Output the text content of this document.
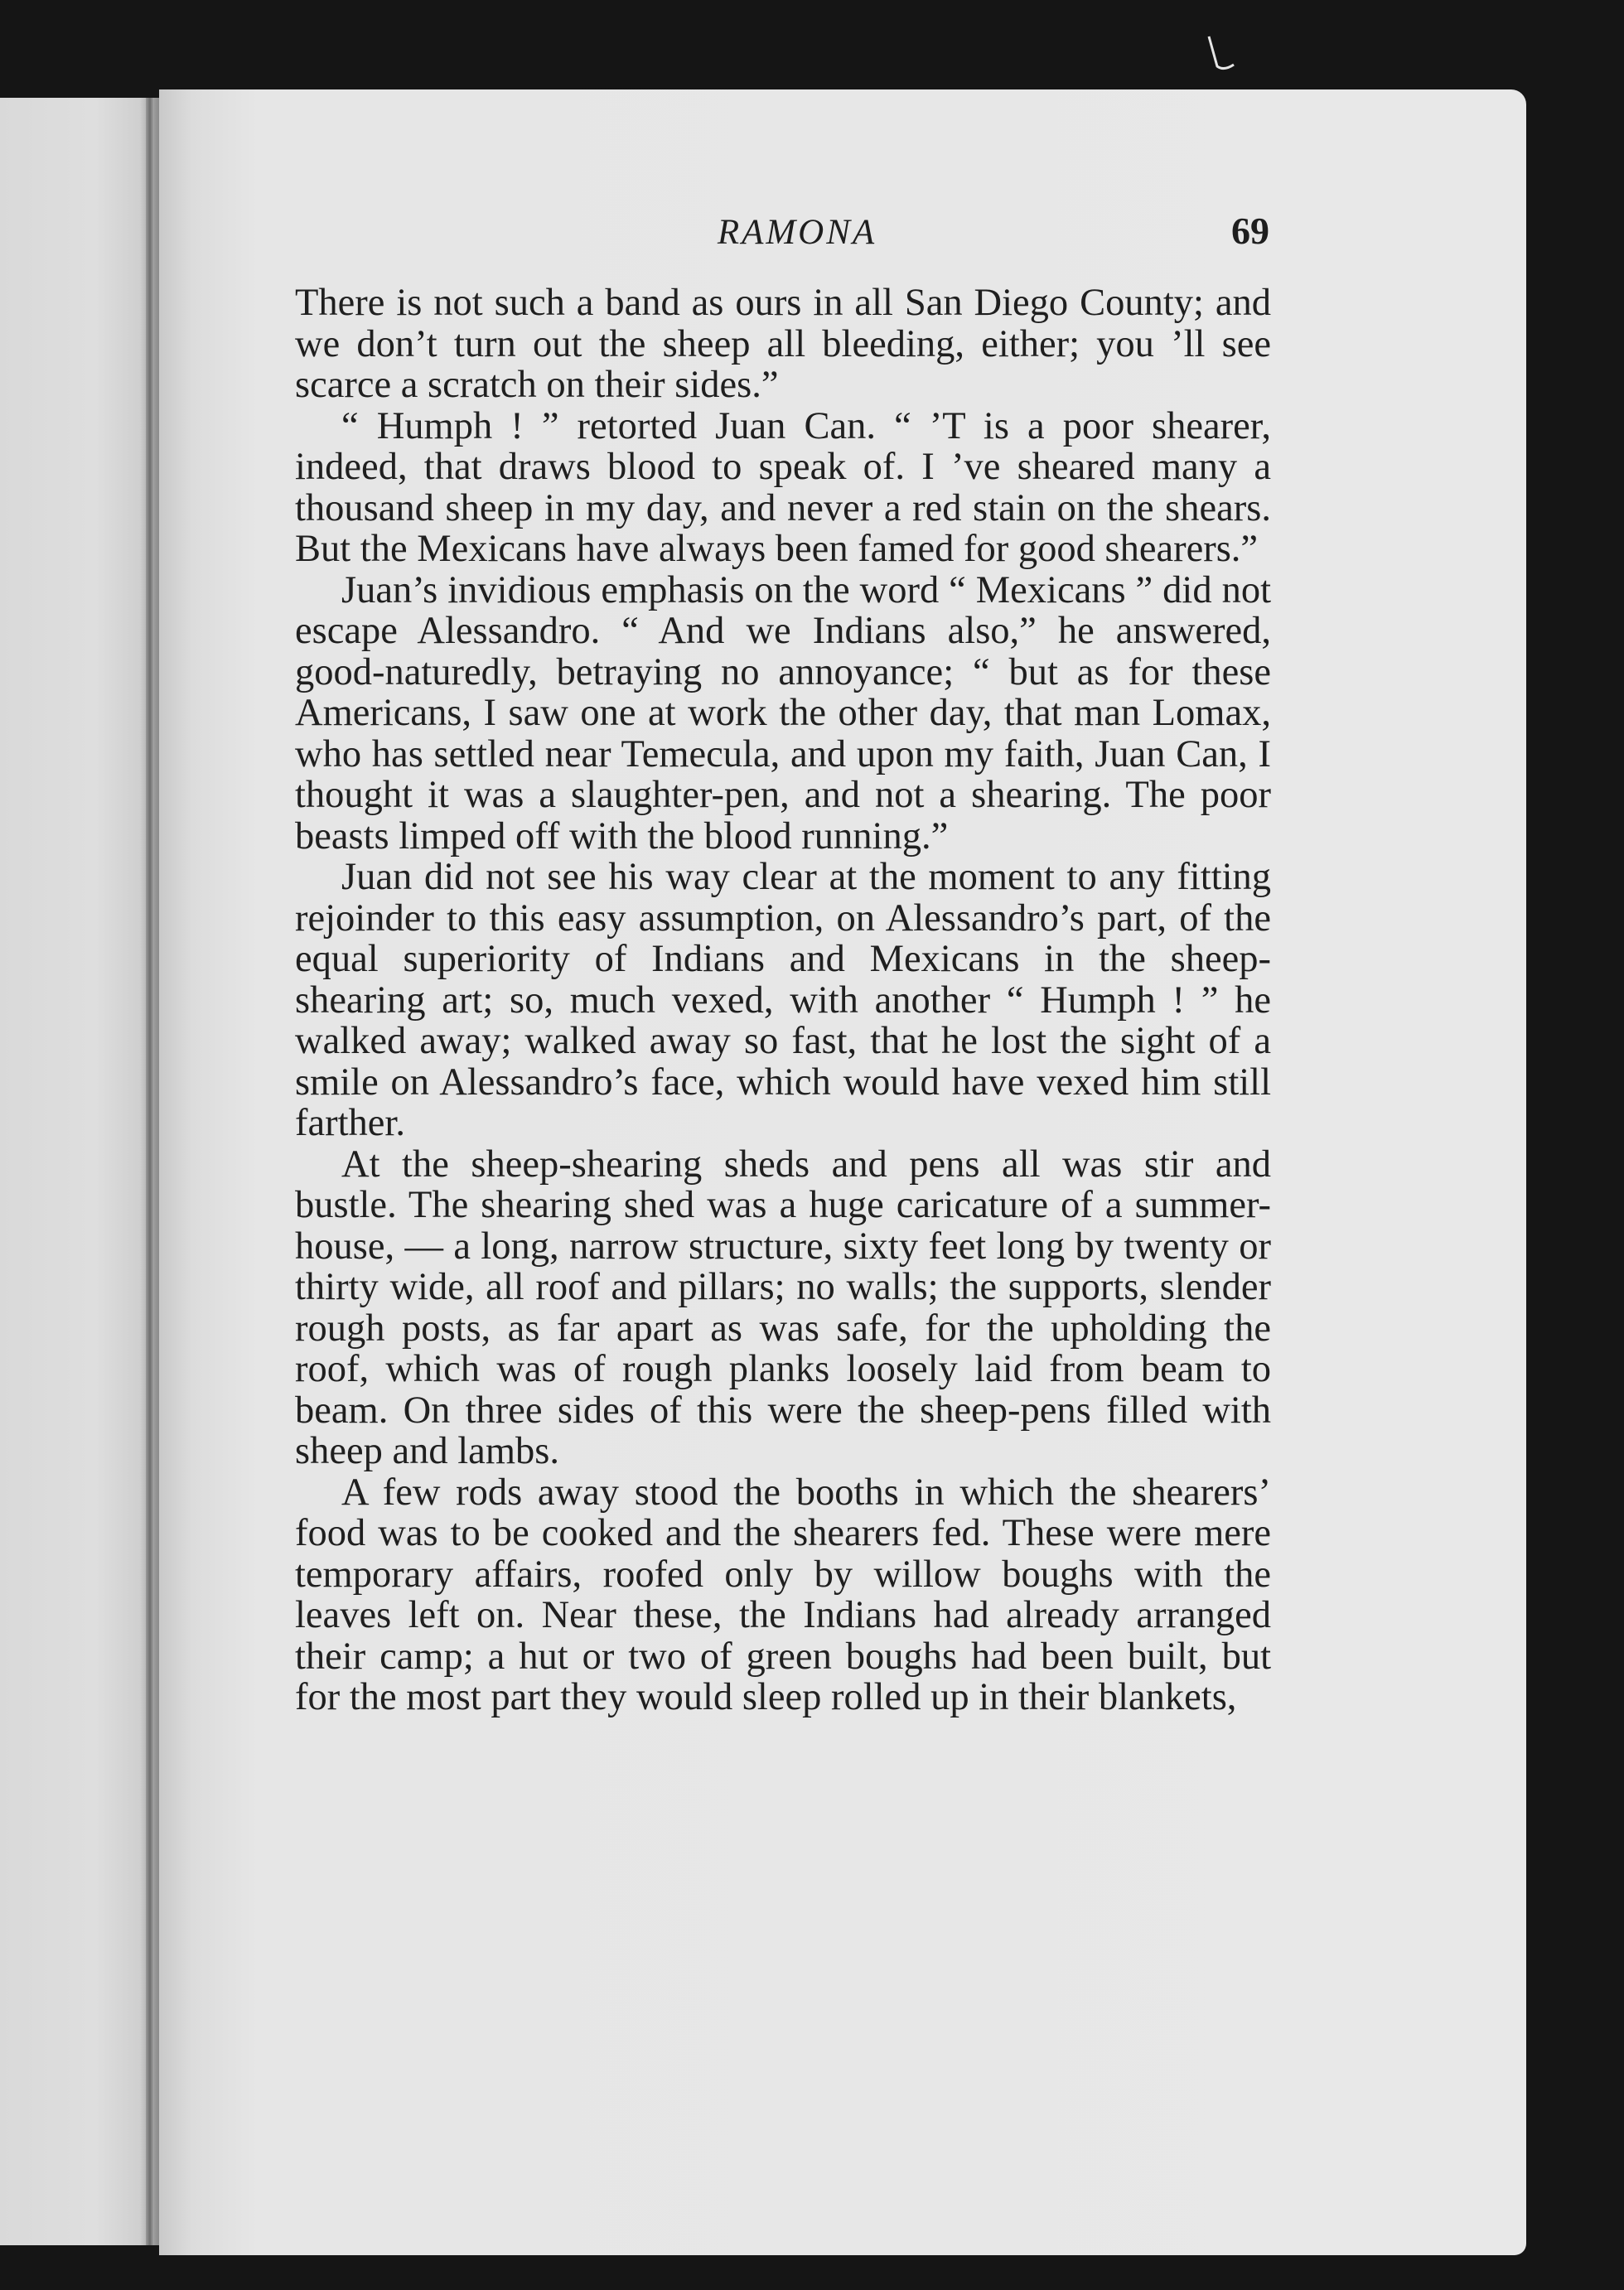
RAMONA	69

There is not such a band as ours in all San Diego County; and we don’t turn out the sheep all bleeding, either; you ’ll see scarce a scratch on their sides.”

“ Humph ! ” retorted Juan Can. “ ’T is a poor shearer, indeed, that draws blood to speak of. I ’ve sheared many a thousand sheep in my day, and never a red stain on the shears. But the Mexicans have always been famed for good shearers.”

Juan’s invidious emphasis on the word “ Mexicans ” did not escape Alessandro. “ And we Indians also,” he answered, good-naturedly, betraying no annoyance; “ but as for these Americans, I saw one at work the other day, that man Lomax, who has settled near Temecula, and upon my faith, Juan Can, I thought it was a slaughter-pen, and not a shearing. The poor beasts limped off with the blood running.”

Juan did not see his way clear at the moment to any fitting rejoinder to this easy assumption, on Alessandro’s part, of the equal superiority of Indians and Mexicans in the sheep-shearing art; so, much vexed, with another “ Humph ! ” he walked away; walked away so fast, that he lost the sight of a smile on Alessandro’s face, which would have vexed him still farther.

At the sheep-shearing sheds and pens all was stir and bustle. The shearing shed was a huge caricature of a summer-house, — a long, narrow structure, sixty feet long by twenty or thirty wide, all roof and pillars; no walls; the supports, slender rough posts, as far apart as was safe, for the upholding the roof, which was of rough planks loosely laid from beam to beam. On three sides of this were the sheep-pens filled with sheep and lambs.

A few rods away stood the booths in which the shearers’ food was to be cooked and the shearers fed. These were mere temporary affairs, roofed only by willow boughs with the leaves left on. Near these, the Indians had already arranged their camp; a hut or two of green boughs had been built, but for the most part they would sleep rolled up in their blankets,
